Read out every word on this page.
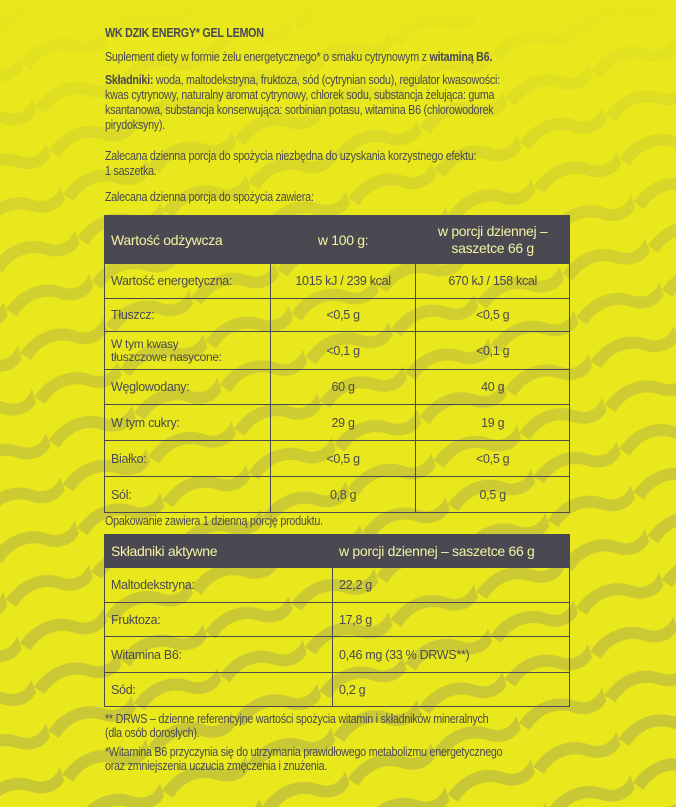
WK DZIK ENERGY* GEL LEMON
Suplement diety w formie żelu energetycznego* o smaku cytrynowym z witaminą B6.
Składniki: woda, maltodekstryna, fruktoza, sód (cytrynian sodu), regulator kwasowości:
kwas cytrynowy, naturalny aromat cytrynowy, chlorek sodu, substancja żelująca: guma
ksantanowa, substancja konserwująca: sorbinian potasu, witamina B6 (chlorowodorek
pirydoksyny).
Zalecana dzienna porcja do spożycia niezbędna do uzyskania korzystnego efektu:
1 saszetka.
Zalecana dzienna porcja do spożycia zawiera:
Wartość odżywcza	w 100 g:	w porcji dziennej –
saszetce 66 g
Wartość energetyczna:	1015 kJ / 239 kcal	670 kJ / 158 kcal
Tłuszcz:	<0,5 g	<0,5 g
W tym kwasy
tłuszczowe nasycone:	<0,1 g	<0,1 g
Węglowodany:	60 g	40 g
W tym cukry:	29 g	19 g
Białko:	<0,5 g	<0,5 g
Sól:	0,8 g	0,5 g
Opakowanie zawiera 1 dzienną porcję produktu.
Składniki aktywne	w porcji dziennej – saszetce 66 g
Maltodekstryna:	22,2 g
Fruktoza:	17,8 g
Witamina B6:	0,46 mg (33 % DRWS**)
Sód:	0,2 g
** DRWS – dzienne referencyjne wartości spożycia witamin i składników mineralnych
(dla osób dorosłych).
*Witamina B6 przyczynia się do utrzymania prawidłowego metabolizmu energetycznego
oraz zmniejszenia uczucia zmęczenia i znużenia.
